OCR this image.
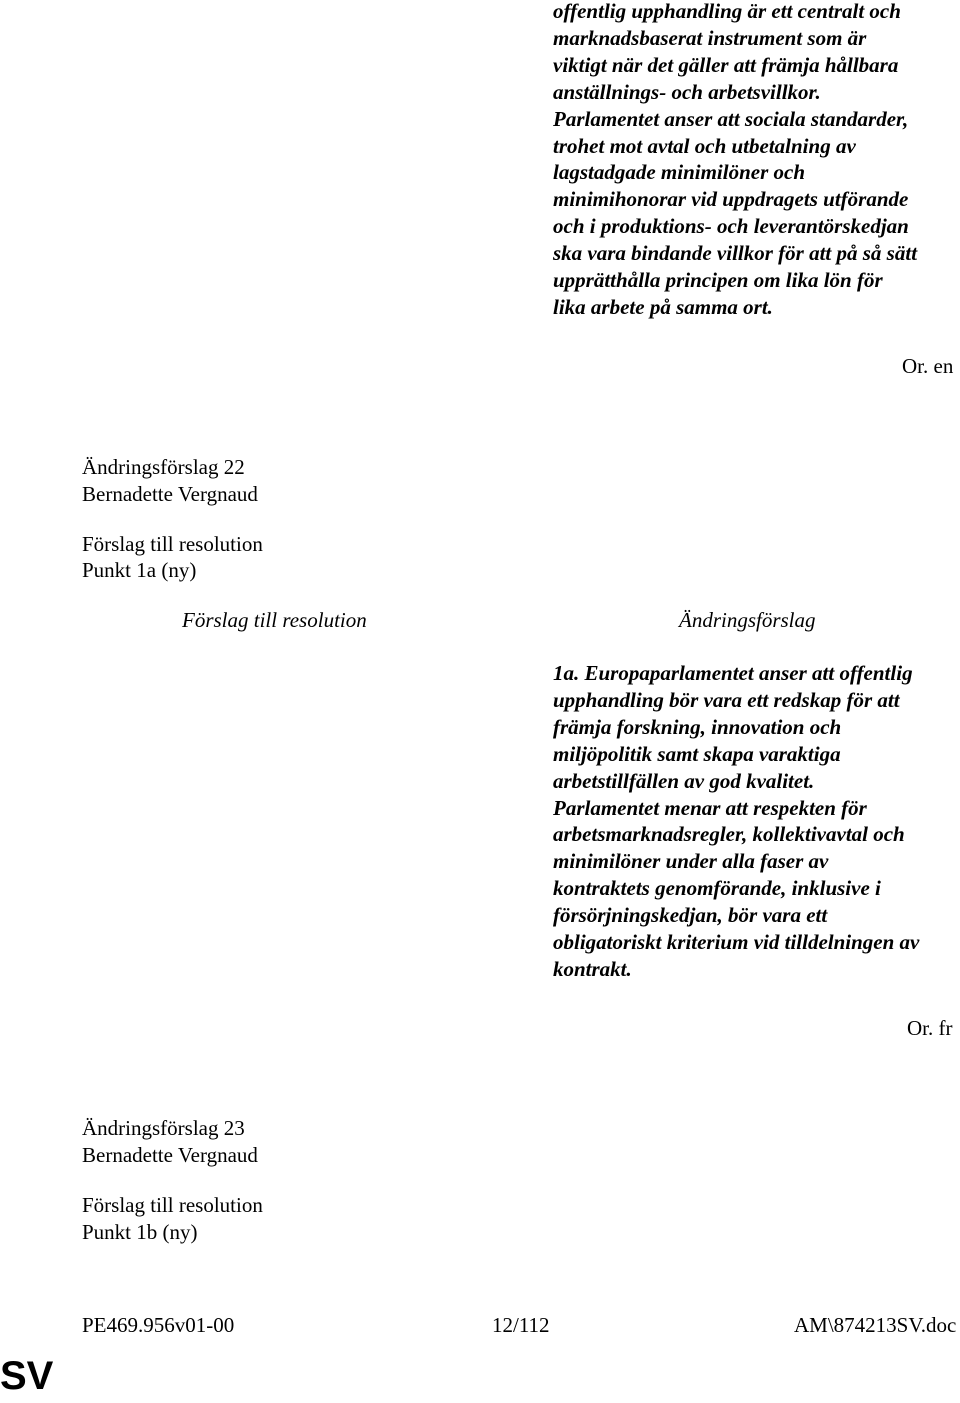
offentlig upphandling är ett centralt och
marknadsbaserat instrument som är
viktigt när det gäller att främja hållbara
anställnings- och arbetsvillkor.
Parlamentet anser att sociala standarder,
trohet mot avtal och utbetalning av
lagstadgade minimilöner och
minimihonorar vid uppdragets utförande
och i produktions- och leverantörskedjan
ska vara bindande villkor för att på så sätt
upprätthålla principen om lika lön för
lika arbete på samma ort.
Or. en
Ändringsförslag 22
Bernadette Vergnaud
Förslag till resolution
Punkt 1a (ny)
Förslag till resolution	Ändringsförslag
1a. Europaparlamentet anser att offentlig
upphandling bör vara ett redskap för att
främja forskning, innovation och
miljöpolitik samt skapa varaktiga
arbetstillfällen av god kvalitet.
Parlamentet menar att respekten för
arbetsmarknadsregler, kollektivavtal och
minimilöner under alla faser av
kontraktets genomförande, inklusive i
försörjningskedjan, bör vara ett
obligatoriskt kriterium vid tilldelningen av
kontrakt.
Or. fr
Ändringsförslag 23
Bernadette Vergnaud
Förslag till resolution
Punkt 1b (ny)
PE469.956v01-00	12/112	AM\874213SV.doc
SV
